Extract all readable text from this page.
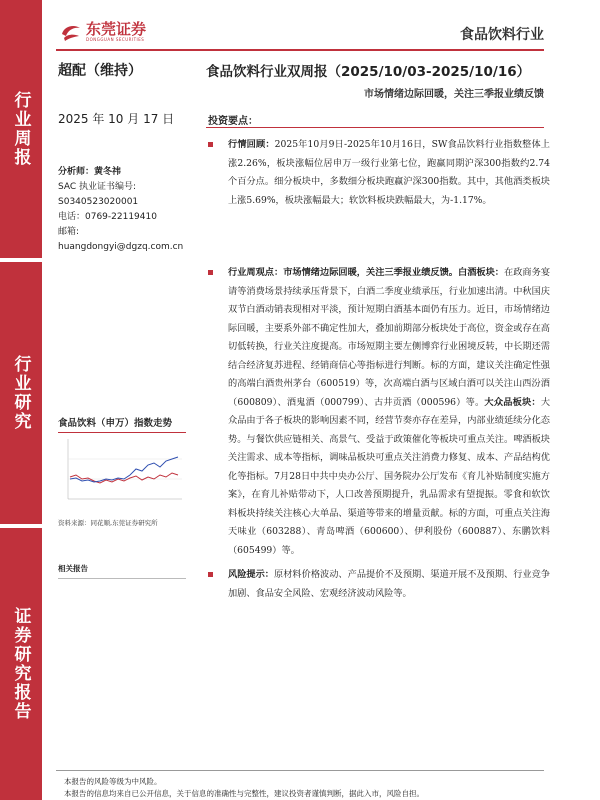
行业周报
行业研究
证券研究报告
东莞证券
DONGGUAN SECURITIES	食品饮料行业
超配（维持）	食品饮料行业双周报（2025/10/03-2025/10/16）
市场情绪边际回暖，关注三季报业绩反馈
2025 年 10 月 17 日
分析师：黄冬祎
SAC 执业证书编号:
S0340523020001
电话：0769-22119410
邮箱:
huangdongyi@dgzq.com.cn
食品饮料（申万）指数走势
资料来源：同花顺,东莞证券研究所
相关报告
投资要点：

行情回顾：2025年10月9日-2025年10月16日，SW食品饮料行业指数整体上涨2.26%，板块涨幅位居申万一级行业第七位，跑赢同期沪深300指数约2.74个百分点。细分板块中，多数细分板块跑赢沪深300指数。其中，其他酒类板块上涨5.69%，板块涨幅最大；软饮料板块跌幅最大，为-1.17%。

行业周观点：市场情绪边际回暖，关注三季报业绩反馈。白酒板块：在政商务宴请等消费场景持续承压背景下，白酒二季度业绩承压，行业加速出清。中秋国庆双节白酒动销表现相对平淡，预计短期白酒基本面仍有压力。近日，市场情绪边际回暖，主要系外部不确定性加大，叠加前期部分板块处于高位，资金或存在高切低转换，行业关注度提高。市场短期主要左侧博弈行业困境反转，中长期还需结合经济复苏进程、经销商信心等指标进行判断。标的方面，建议关注确定性强的高端白酒贵州茅台（600519）等，次高端白酒与区域白酒可以关注山西汾酒（600809）、酒鬼酒（000799）、古井贡酒（000596）等。大众品板块：大众品由于各子板块的影响因素不同，经营节奏亦存在差异，内部业绩延续分化态势。与餐饮供应链相关、高景气、受益于政策催化等板块可重点关注。啤酒板块关注需求、成本等指标，调味品板块可重点关注消费力修复、成本、产品结构优化等指标。7月28日中共中央办公厅、国务院办公厅发布《育儿补贴制度实施方案》，在育儿补贴带动下，人口改善预期提升，乳品需求有望提振。零食和软饮料板块持续关注核心大单品、渠道等带来的增量贡献。标的方面，可重点关注海天味业（603288）、青岛啤酒（600600）、伊利股份（600887）、东鹏饮料（605499）等。

风险提示：原材料价格波动、产品提价不及预期、渠道开展不及预期、行业竞争加剧、食品安全风险、宏观经济波动风险等。

本报告的风险等级为中风险。
本报告的信息均来自已公开信息，关于信息的准确性与完整性，建议投资者谨慎判断，据此入市，风险自担。
